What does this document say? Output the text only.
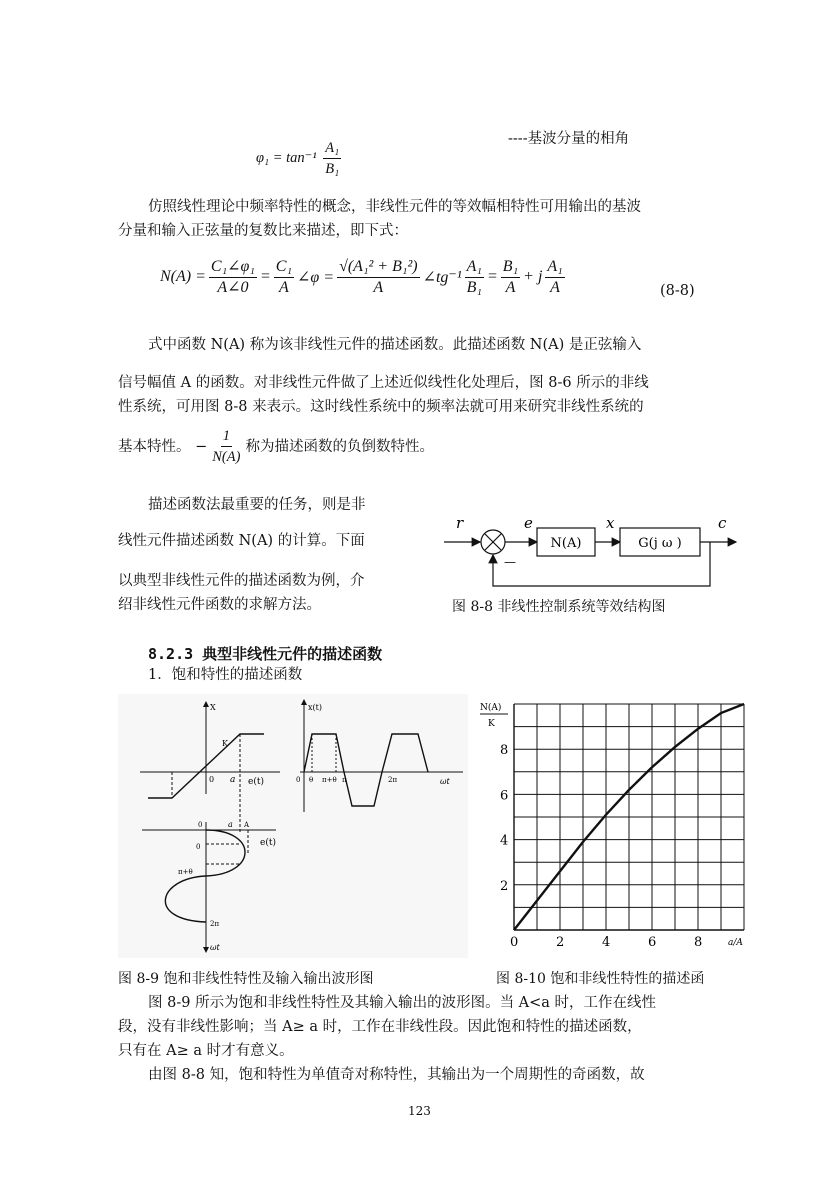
$\varphi_1 = \tan^{-1} \frac{\text{A₁}}{\text{B₁}}$	----基波分量的相角
仿照线性理论中频率特性的概念，非线性元件的等效幅相特性可用输出的基波
分量和输入正弦量的复数比来描述，即下式：
$N(A) = \frac{\text{C₁∠φ₁}}{A\angle 0} = \frac{\text{C₁}}{A}$ ∠φ = $\frac{\text{√(A₁² + B₁²)}}{A}$ ∠tg⁻¹ $\frac{\text{A₁}}{\text{B₁}} = \frac{\text{B₁}}{A} + j \frac{\text{A₁}}{A}$	(8-8)
式中函数 N(A) 称为该非线性元件的描述函数。此描述函数 N(A) 是正弦输入
信号幅值 A 的函数。对非线性元件做了上述近似线性化处理后，图 8-6 所示的非线
性系统，可用图 8-8 来表示。这时线性系统中的频率法就可用来研究非线性系统的
基本特性。 − $\frac{1}{N(A)}$ 称为描述函数的负倒数特性。
描述函数法最重要的任务，则是非
线性元件描述函数 N(A) 的计算。下面
以典型非线性元件的描述函数为例，介
绍非线性元件函数的求解方法。
r	e
N(A)
x
G(j ω )
c
—
图 8-8 非线性控制系统等效结构图
8.2.3 典型非线性元件的描述函数
1．饱和特性的描述函数
X
K
0 a e(t)
x(t)
0 θ π+θ π	2π	ωt
0	a A
e(t)
0
π+θ
2π
ωt
N(A)
K
2
4
6
8
0	2	4	6	8	a/A
图 8-9 饱和非线性特性及输入输出波形图	图 8-10 饱和非线性特性的描述函
图 8-9 所示为饱和非线性特性及其输入输出的波形图。当 A<a 时，工作在线性
段，没有非线性影响；当 A≥ a 时，工作在非线性段。因此饱和特性的描述函数，
只有在 A≥ a 时才有意义。
由图 8-8 知，饱和特性为单值奇对称特性，其输出为一个周期性的奇函数，故
123
